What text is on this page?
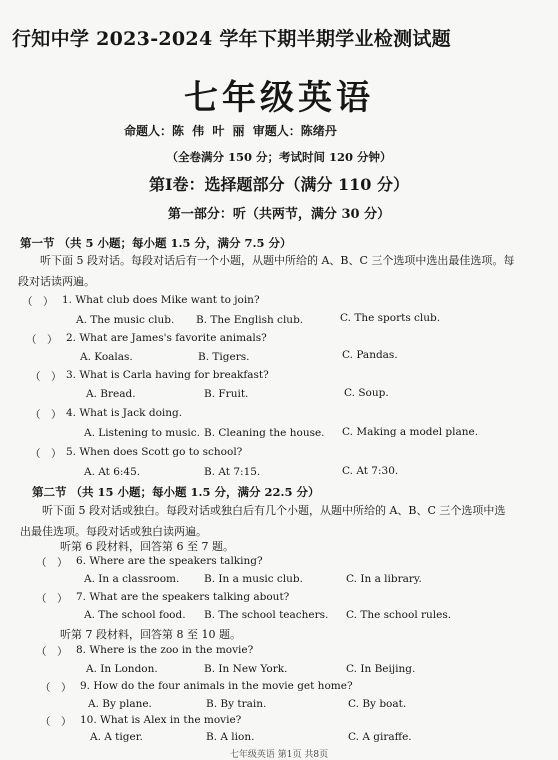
行知中学 2023-2024 学年下期半期学业检测试题
七年级英语
命题人：陈 伟 叶 丽 审题人：陈绪丹
（全卷满分 150 分；考试时间 120 分钟）
第Ⅰ卷：选择题部分（满分 110 分）
第一部分：听（共两节，满分 30 分）
第一节 （共 5 小题；每小题 1.5 分，满分 7.5 分）
听下面 5 段对话。每段对话后有一个小题，从题中所给的 A、B、C 三个选项中选出最佳选项。每段对话读两遍。
（　） 1. What club does Mike want to join?
A. The music club. B. The English club.	C. The sports club.
（　） 2. What are James's favorite animals?
A. Koalas.	B. Tigers.	C. Pandas.
（　） 3. What is Carla having for breakfast?
A. Bread.	B. Fruit.	C. Soup.
（　） 4. What is Jack doing.
A. Listening to music. B. Cleaning the house. C. Making a model plane.
（　） 5. When does Scott go to school?
A. At 6:45.	B. At 7:15.	C. At 7:30.
第二节 （共 15 小题；每小题 1.5 分，满分 22.5 分）
听下面 5 段对话或独白。每段对话或独白后有几个小题，从题中所给的 A、B、C 三个选项中选出最佳选项。每段对话或独白读两遍。
听第 6 段材料，回答第 6 至 7 题。
（　） 6. Where are the speakers talking?
A. In a classroom. B. In a music club.	C. In a library.
（　） 7. What are the speakers talking about?
A. The school food. B. The school teachers. C. The school rules.
听第 7 段材料，回答第 8 至 10 题。
（　） 8. Where is the zoo in the movie?
A. In London.	B. In New York.	C. In Beijing.
（　） 9. How do the four animals in the movie get home?
A. By plane.	B. By train.	C. By boat.
（　） 10. What is Alex in the movie?
A. A tiger.	B. A lion.	C. A giraffe.
七年级英语 第1页 共8页
